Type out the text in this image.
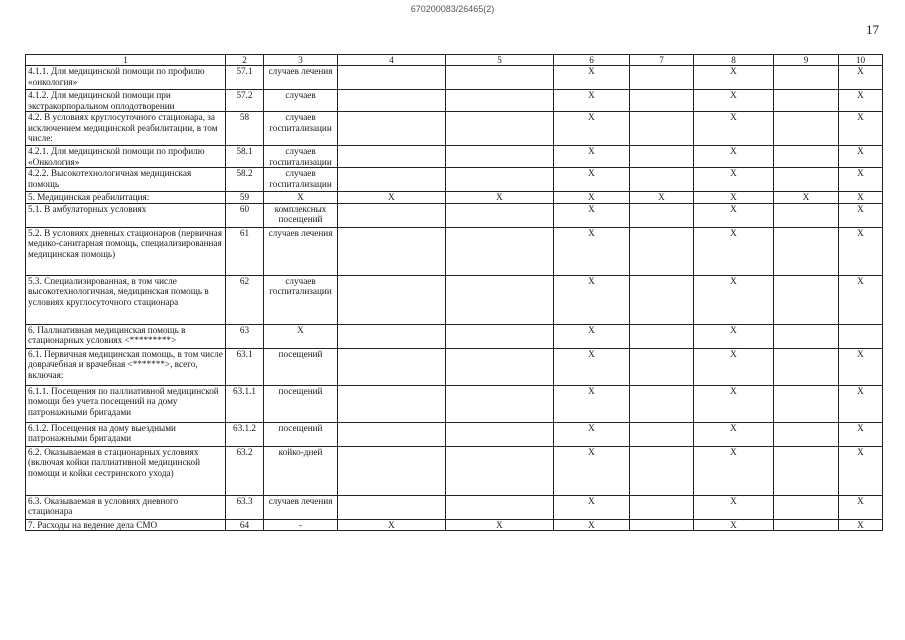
670200083/26465(2)
17
1	2	3	4	5	6	7	8	9	10
4.1.1. Для медицинской помощи по профилю «онкология»	57.1	случаев лечения			X		X		X
4.1.2. Для медицинской помощи при экстракорпоральном оплодотворении	57.2	случаев			X		X		X
4.2. В условиях круглосуточного стационара, за исключением медицинской реабилитации, в том числе:	58	случаев госпитализации			X		X		X
4.2.1. Для медицинской помощи по профилю «Онкология»	58.1	случаев госпитализации			X		X		X
4.2.2. Высокотехнологичная медицинская помощь	58.2	случаев госпитализации			X		X		X
5. Медицинская реабилитация:	59	X	X	X	X	X	X	X	X
5.1. В амбулаторных условиях	60	комплексных посещений			X		X		X
5.2. В условиях дневных стационаров (первичная медико-санитарная помощь, специализированная медицинская помощь)	61	случаев лечения			X		X		X
5.3. Специализированная, в том числе высокотехнологичная, медицинская помощь в условиях круглосуточного стационара	62	случаев госпитализации			X		X		X
6. Паллиативная медицинская помощь в стационарных условиях <*********>	63	X			X		X		
6.1. Первичная медицинская помощь, в том числе доврачебная и врачебная <*******>, всего, включая:	63.1	посещений			X		X		X
6.1.1. Посещения по паллиативной медицинской помощи без учета посещений на дому патронажными бригадами	63.1.1	посещений			X		X		X
6.1.2. Посещения на дому выездными патронажными бригадами	63.1.2	посещений			X		X		X
6.2. Оказываемая в стационарных условиях (включая койки паллиативной медицинской помощи и койки сестринского ухода)	63.2	койко-дней			X		X		X
6.3. Оказываемая в условиях дневного стационара	63.3	случаев лечения			X		X		X
7. Расходы на ведение дела СМО	64	-	X	X	X		X		X
